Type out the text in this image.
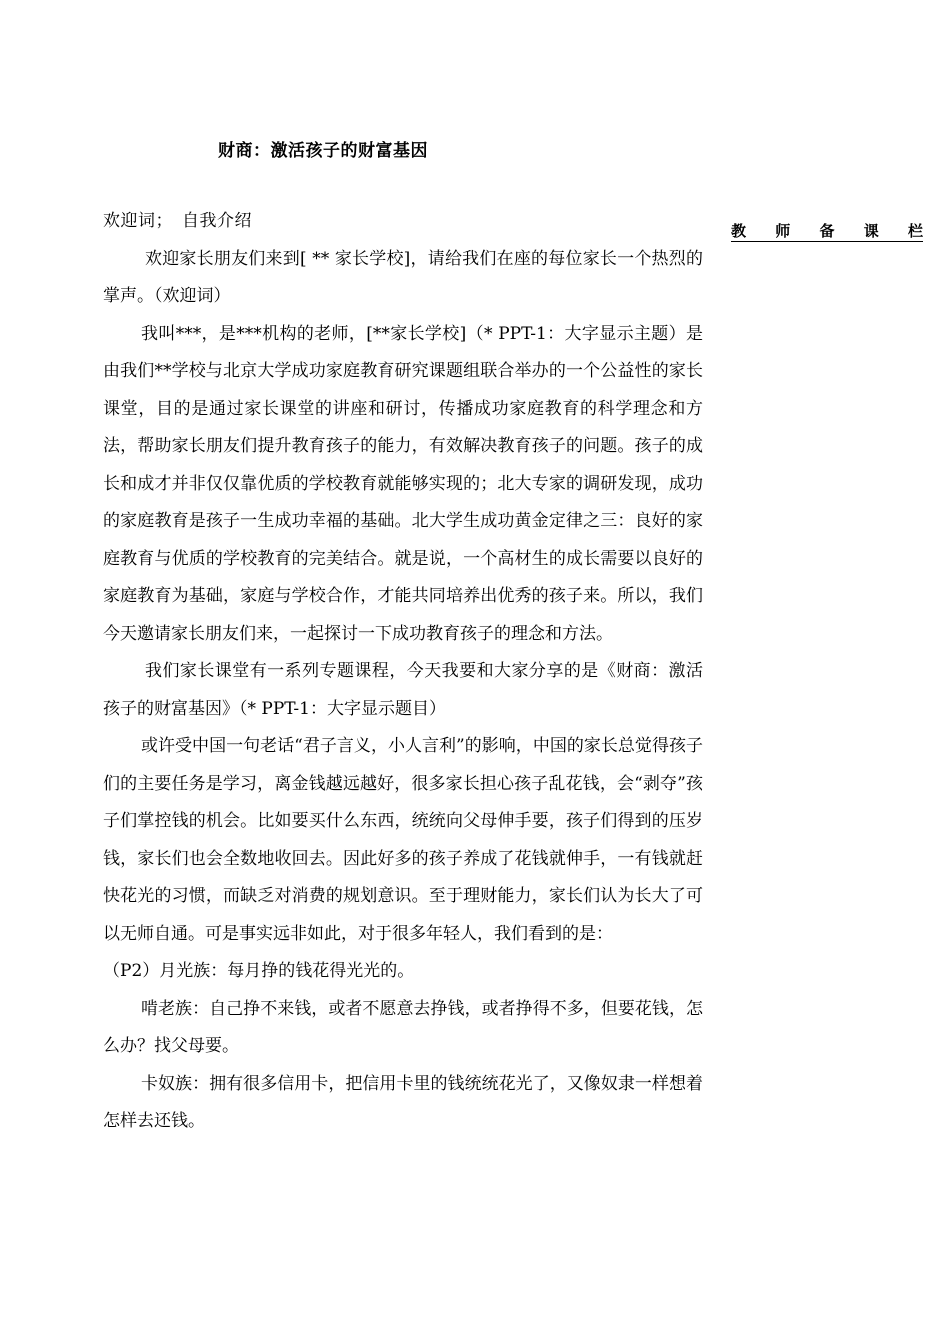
财商：激活孩子的财富基因
教 师 备 课 栏

欢迎词；　自我介绍

欢迎家长朋友们来到[ ** 家长学校]，请给我们在座的每位家长一个热烈的掌声。（欢迎词）

我叫***，是***机构的老师，[**家长学校]（* PPT-1：大字显示主题）是由我们**学校与北京大学成功家庭教育研究课题组联合举办的一个公益性的家长课堂，目的是通过家长课堂的讲座和研讨，传播成功家庭教育的科学理念和方法，帮助家长朋友们提升教育孩子的能力，有效解决教育孩子的问题。孩子的成长和成才并非仅仅靠优质的学校教育就能够实现的；北大专家的调研发现，成功的家庭教育是孩子一生成功幸福的基础。北大学生成功黄金定律之三：良好的家庭教育与优质的学校教育的完美结合。就是说，一个高材生的成长需要以良好的家庭教育为基础，家庭与学校合作，才能共同培养出优秀的孩子来。所以，我们今天邀请家长朋友们来，一起探讨一下成功教育孩子的理念和方法。

我们家长课堂有一系列专题课程，今天我要和大家分享的是《财商：激活孩子的财富基因》（* PPT-1：大字显示题目）

或许受中国一句老话“君子言义，小人言利”的影响，中国的家长总觉得孩子们的主要任务是学习，离金钱越远越好，很多家长担心孩子乱花钱，会“剥夺”孩子们掌控钱的机会。比如要买什么东西，统统向父母伸手要，孩子们得到的压岁钱，家长们也会全数地收回去。因此好多的孩子养成了花钱就伸手，一有钱就赶快花光的习惯，而缺乏对消费的规划意识。至于理财能力，家长们认为长大了可以无师自通。可是事实远非如此，对于很多年轻人，我们看到的是：

（P2）月光族：每月挣的钱花得光光的。

啃老族：自己挣不来钱，或者不愿意去挣钱，或者挣得不多，但要花钱，怎么办？找父母要。

卡奴族：拥有很多信用卡，把信用卡里的钱统统花光了，又像奴隶一样想着怎样去还钱。
